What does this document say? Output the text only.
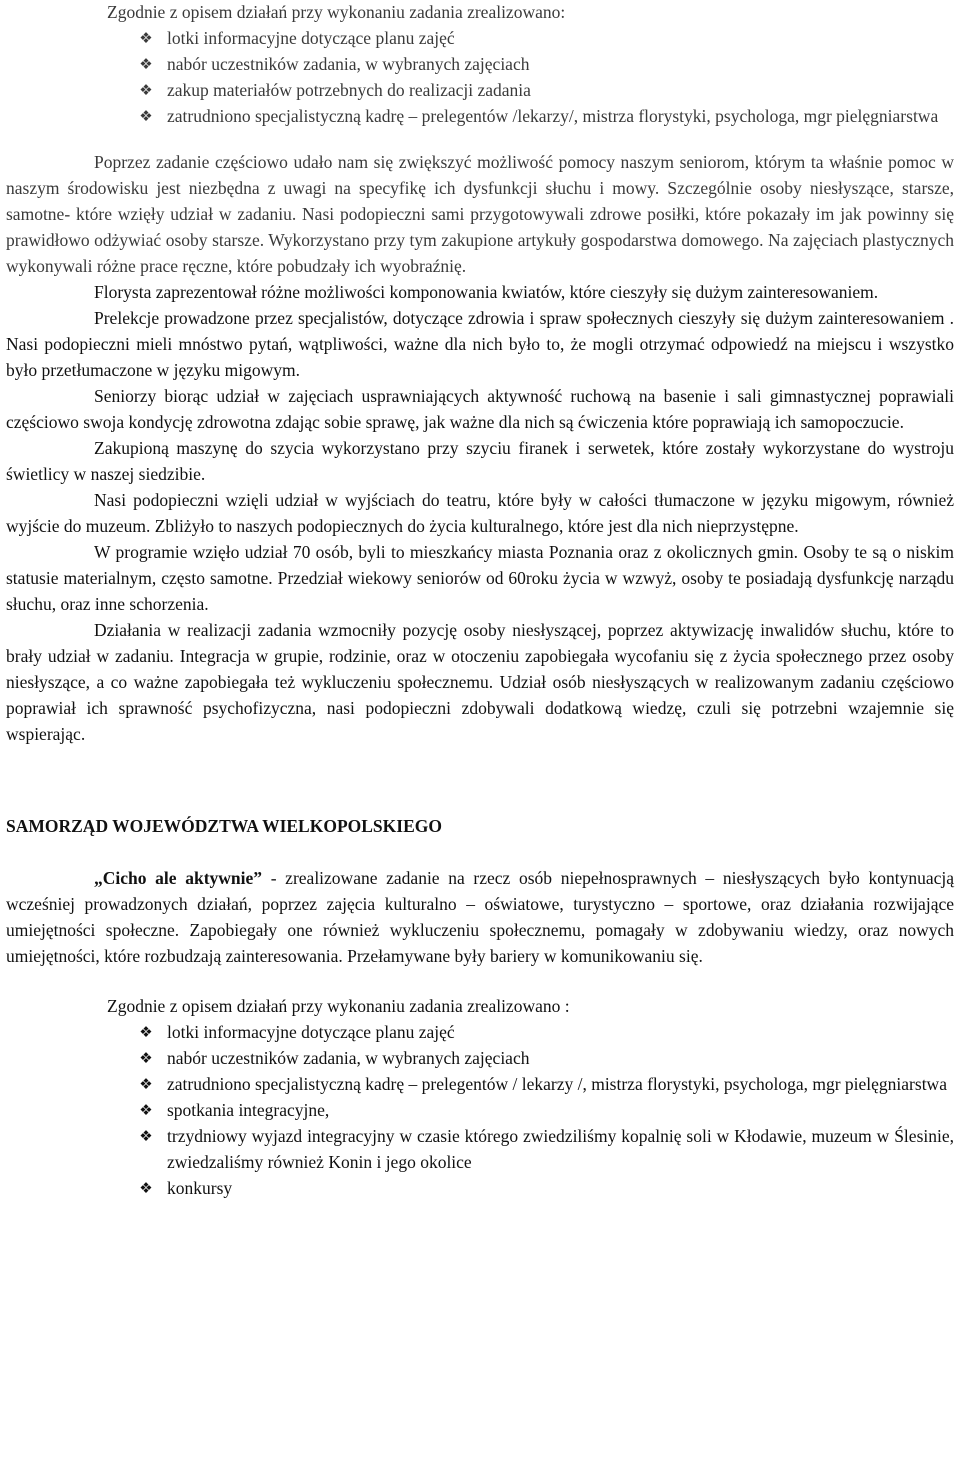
Zgodnie z opisem działań przy wykonaniu zadania zrealizowano:

❖ lotki informacyjne dotyczące planu zajęć
❖ nabór uczestników zadania, w wybranych zajęciach
❖ zakup materiałów potrzebnych do realizacji zadania
❖ zatrudniono specjalistyczną kadrę – prelegentów /lekarzy/, mistrza florystyki, psychologa, mgr pielęgniarstwa

Poprzez zadanie częściowo udało nam się zwiększyć możliwość pomocy naszym seniorom, którym ta właśnie pomoc w naszym środowisku jest niezbędna z uwagi na specyfikę ich dysfunkcji słuchu i mowy. Szczególnie osoby niesłyszące, starsze, samotne- które wzięły udział w zadaniu. Nasi podopieczni sami przygotowywali zdrowe posiłki, które pokazały im jak powinny się prawidłowo odżywiać osoby starsze. Wykorzystano przy tym zakupione artykuły gospodarstwa domowego. Na zajęciach plastycznych wykonywali różne prace ręczne, które pobudzały ich wyobraźnię.

Florysta zaprezentował różne możliwości komponowania kwiatów, które cieszyły się dużym zainteresowaniem.

Prelekcje prowadzone przez specjalistów, dotyczące zdrowia i spraw społecznych cieszyły się dużym zainteresowaniem . Nasi podopieczni mieli mnóstwo pytań, wątpliwości, ważne dla nich było to, że mogli otrzymać odpowiedź na miejscu i wszystko było przetłumaczone w języku migowym.

Seniorzy biorąc udział w zajęciach usprawniających aktywność ruchową na basenie i sali gimnastycznej poprawiali częściowo swoja kondycję zdrowotna zdając sobie sprawę, jak ważne dla nich są ćwiczenia które poprawiają ich samopoczucie.

Zakupioną maszynę do szycia wykorzystano przy szyciu firanek i serwetek, które zostały wykorzystane do wystroju świetlicy w naszej siedzibie.

Nasi podopieczni wzięli udział w wyjściach do teatru, które były w całości tłumaczone w języku migowym, również wyjście do muzeum. Zbliżyło to naszych podopiecznych do życia kulturalnego, które jest dla nich nieprzystępne.

W programie wzięło udział 70 osób, byli to mieszkańcy miasta Poznania oraz z okolicznych gmin. Osoby te są o niskim statusie materialnym, często samotne. Przedział wiekowy seniorów od 60roku życia w wzwyż, osoby te posiadają dysfunkcję narządu słuchu, oraz inne schorzenia.

Działania w realizacji zadania wzmocniły pozycję osoby niesłyszącej, poprzez aktywizację inwalidów słuchu, które to brały udział w zadaniu. Integracja w grupie, rodzinie, oraz w otoczeniu zapobiegała wycofaniu się z życia społecznego przez osoby niesłyszące, a co ważne zapobiegała też wykluczeniu społecznemu. Udział osób niesłyszących w realizowanym zadaniu częściowo poprawiał ich sprawność psychofizyczna, nasi podopieczni zdobywali dodatkową wiedzę, czuli się potrzebni wzajemnie się wspierając.

SAMORZĄD WOJEWÓDZTWA WIELKOPOLSKIEGO

„Cicho ale aktywnie” - zrealizowane zadanie na rzecz osób niepełnosprawnych – niesłyszących było kontynuacją wcześniej prowadzonych działań, poprzez zajęcia kulturalno – oświatowe, turystyczno – sportowe, oraz działania rozwijające umiejętności społeczne. Zapobiegały one również wykluczeniu społecznemu, pomagały w zdobywaniu wiedzy, oraz nowych umiejętności, które rozbudzają zainteresowania. Przełamywane były bariery w komunikowaniu się.

Zgodnie z opisem działań przy wykonaniu zadania zrealizowano :

❖ lotki informacyjne dotyczące planu zajęć
❖ nabór uczestników zadania, w wybranych zajęciach
❖ zatrudniono specjalistyczną kadrę – prelegentów / lekarzy /, mistrza florystyki, psychologa, mgr pielęgniarstwa
❖ spotkania integracyjne,
❖ trzydniowy wyjazd integracyjny w czasie którego zwiedziliśmy kopalnię soli w Kłodawie, muzeum w Ślesinie, zwiedzaliśmy również Konin i jego okolice
❖ konkursy
